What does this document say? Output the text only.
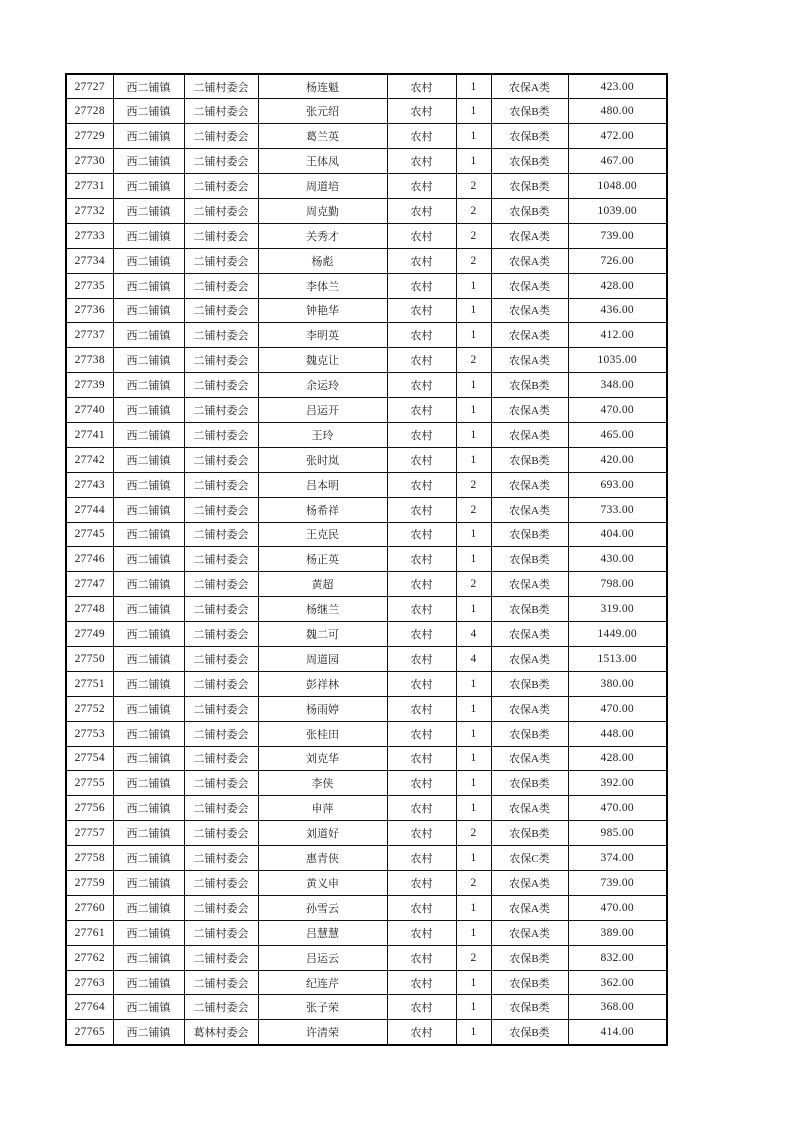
27727	西二铺镇	二铺村委会	杨连魁	农村	1	农保A类	423.00
27728	西二铺镇	二铺村委会	张元绍	农村	1	农保B类	480.00
27729	西二铺镇	二铺村委会	葛兰英	农村	1	农保B类	472.00
27730	西二铺镇	二铺村委会	王体凤	农村	1	农保B类	467.00
27731	西二铺镇	二铺村委会	周道培	农村	2	农保B类	1048.00
27732	西二铺镇	二铺村委会	周克勤	农村	2	农保B类	1039.00
27733	西二铺镇	二铺村委会	关秀才	农村	2	农保A类	739.00
27734	西二铺镇	二铺村委会	杨彪	农村	2	农保A类	726.00
27735	西二铺镇	二铺村委会	李体兰	农村	1	农保A类	428.00
27736	西二铺镇	二铺村委会	钟艳华	农村	1	农保A类	436.00
27737	西二铺镇	二铺村委会	李明英	农村	1	农保A类	412.00
27738	西二铺镇	二铺村委会	魏克让	农村	2	农保A类	1035.00
27739	西二铺镇	二铺村委会	余运玲	农村	1	农保B类	348.00
27740	西二铺镇	二铺村委会	吕运开	农村	1	农保A类	470.00
27741	西二铺镇	二铺村委会	王玲	农村	1	农保A类	465.00
27742	西二铺镇	二铺村委会	张时岚	农村	1	农保B类	420.00
27743	西二铺镇	二铺村委会	吕本明	农村	2	农保A类	693.00
27744	西二铺镇	二铺村委会	杨希祥	农村	2	农保A类	733.00
27745	西二铺镇	二铺村委会	王克民	农村	1	农保B类	404.00
27746	西二铺镇	二铺村委会	杨正英	农村	1	农保B类	430.00
27747	西二铺镇	二铺村委会	黄超	农村	2	农保A类	798.00
27748	西二铺镇	二铺村委会	杨继兰	农村	1	农保B类	319.00
27749	西二铺镇	二铺村委会	魏二可	农村	4	农保A类	1449.00
27750	西二铺镇	二铺村委会	周道园	农村	4	农保A类	1513.00
27751	西二铺镇	二铺村委会	彭祥林	农村	1	农保B类	380.00
27752	西二铺镇	二铺村委会	杨雨婷	农村	1	农保A类	470.00
27753	西二铺镇	二铺村委会	张桂田	农村	1	农保B类	448.00
27754	西二铺镇	二铺村委会	刘克华	农村	1	农保A类	428.00
27755	西二铺镇	二铺村委会	李侠	农村	1	农保B类	392.00
27756	西二铺镇	二铺村委会	申萍	农村	1	农保A类	470.00
27757	西二铺镇	二铺村委会	刘道好	农村	2	农保B类	985.00
27758	西二铺镇	二铺村委会	惠青侠	农村	1	农保C类	374.00
27759	西二铺镇	二铺村委会	黄义申	农村	2	农保A类	739.00
27760	西二铺镇	二铺村委会	孙雪云	农村	1	农保A类	470.00
27761	西二铺镇	二铺村委会	吕慧慧	农村	1	农保A类	389.00
27762	西二铺镇	二铺村委会	吕运云	农村	2	农保B类	832.00
27763	西二铺镇	二铺村委会	纪连芹	农村	1	农保B类	362.00
27764	西二铺镇	二铺村委会	张子荣	农村	1	农保B类	368.00
27765	西二铺镇	葛林村委会	许清荣	农村	1	农保B类	414.00
